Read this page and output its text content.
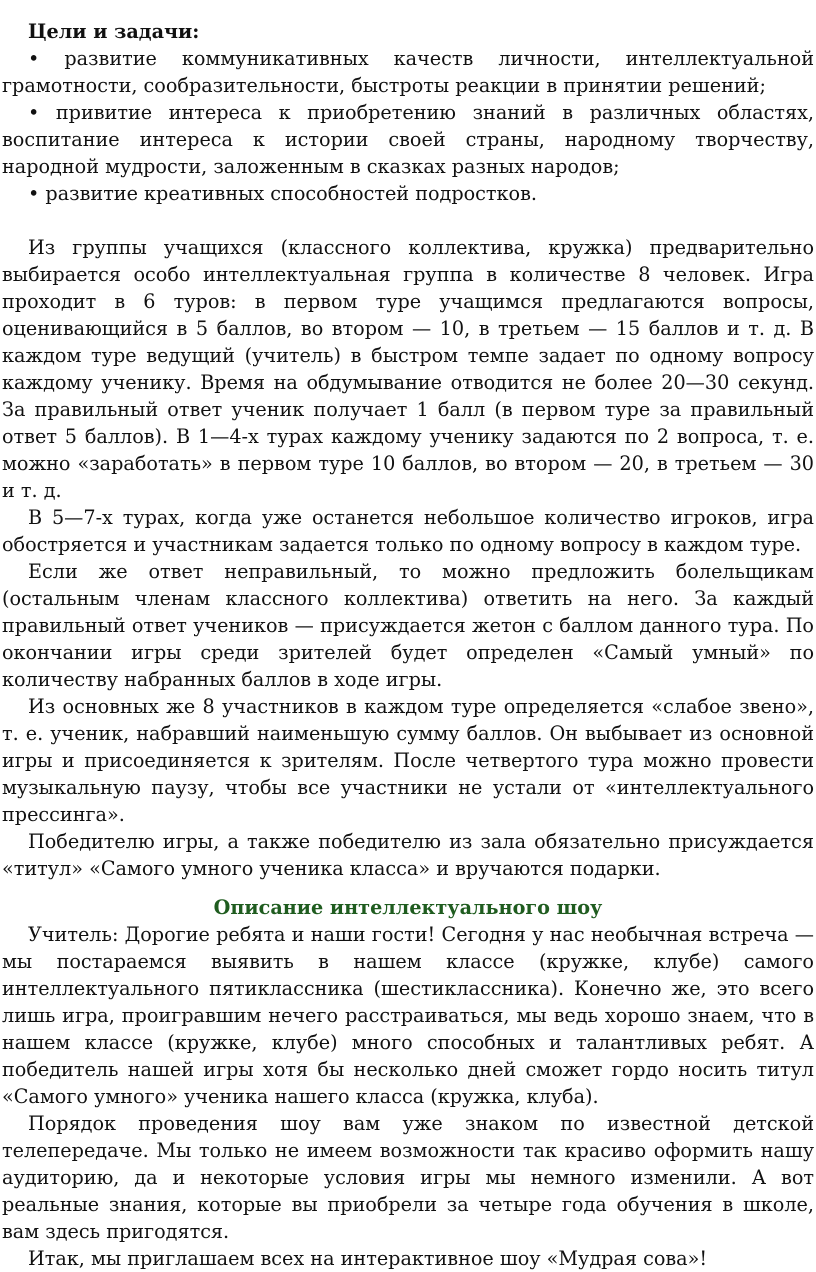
Цели и задачи:

• развитие коммуникативных качеств личности, интеллектуальной грамотности, сообразительности, быстроты реакции в принятии решений;

• привитие интереса к приобретению знаний в различных областях, воспитание интереса к истории своей страны, народному творчеству, народной мудрости, заложенным в сказках разных народов;

• развитие креативных способностей подростков.

Из группы учащихся (классного коллектива, кружка) предварительно выбирается особо интеллектуальная группа в количестве 8 человек. Игра проходит в 6 туров: в первом туре учащимся предлагаются вопросы, оценивающийся в 5 баллов, во втором — 10, в третьем — 15 баллов и т. д. В каждом туре ведущий (учитель) в быстром темпе задает по одному вопросу каждому ученику. Время на обдумывание отводится не более 20—30 секунд. За правильный ответ ученик получает 1 балл (в первом туре за правильный ответ 5 баллов). В 1—4-х турах каждому ученику задаются по 2 вопроса, т. е. можно «заработать» в первом туре 10 баллов, во втором — 20, в третьем — 30 и т. д.

В 5—7-х турах, когда уже останется небольшое количество игроков, игра обостряется и участникам задается только по одному вопросу в каждом туре.

Если же ответ неправильный, то можно предложить болельщикам (остальным членам классного коллектива) ответить на него. За каждый правильный ответ учеников — присуждается жетон с баллом данного тура. По окончании игры среди зрителей будет определен «Самый умный» по количеству набранных баллов в ходе игры.

Из основных же 8 участников в каждом туре определяется «слабое звено», т. е. ученик, набравший наименьшую сумму баллов. Он выбывает из основной игры и присоединяется к зрителям. После четвертого тура можно провести музыкальную паузу, чтобы все участники не устали от «интеллектуального прессинга».

Победителю игры, а также победителю из зала обязательно присуждается «титул» «Самого умного ученика класса» и вручаются подарки.

Описание интеллектуального шоу

Учитель: Дорогие ребята и наши гости! Сегодня у нас необычная встреча — мы постараемся выявить в нашем классе (кружке, клубе) самого интеллектуального пятиклассника (шестиклассника). Конечно же, это всего лишь игра, проигравшим нечего расстраиваться, мы ведь хорошо знаем, что в нашем классе (кружке, клубе) много способных и талантливых ребят. А победитель нашей игры хотя бы несколько дней сможет гордо носить титул «Самого умного» ученика нашего класса (кружка, клуба).

Порядок проведения шоу вам уже знаком по известной детской телепередаче. Мы только не имеем возможности так красиво оформить нашу аудиторию, да и некоторые условия игры мы немного изменили. А вот реальные знания, которые вы приобрели за четыре года обучения в школе, вам здесь пригодятся.

Итак, мы приглашаем всех на интерактивное шоу «Мудрая сова»!
